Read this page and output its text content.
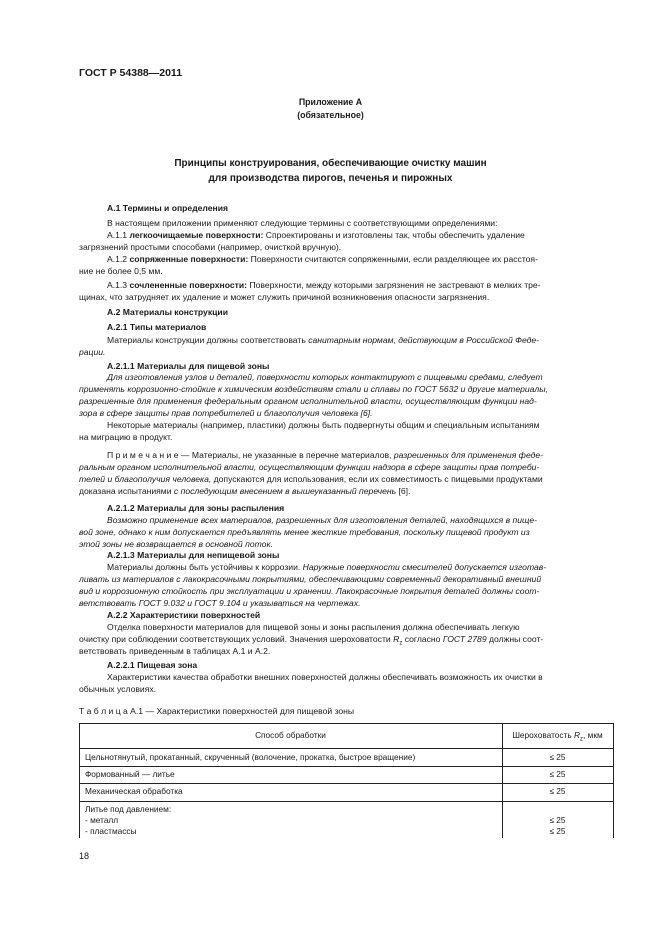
ГОСТ Р 54388—2011
Приложение А
(обязательное)
Принципы конструирования, обеспечивающие очистку машин
для производства пирогов, печенья и пирожных
А.1 Термины и определения
В настоящем приложении применяют следующие термины с соответствующими определениями:
А.1.1 легкоочищаемые поверхности: Спроектированы и изготовлены так, чтобы обеспечить удаление
загрязнений простыми способами (например, очисткой вручную).
А.1.2 сопряженные поверхности: Поверхности считаются сопряженными, если разделяющее их расстоя-
ние не более 0,5 мм.
А.1.3 сочлененные поверхности: Поверхности, между которыми загрязнения не застревают в мелких тре-
щинах, что затрудняет их удаление и может служить причиной возникновения опасности загрязнения.
А.2 Материалы конструкции
А.2.1 Типы материалов
Материалы конструкции должны соответствовать санитарным нормам, действующим в Российской Феде-
рации.
А.2.1.1 Материалы для пищевой зоны
Для изготовления узлов и деталей, поверхности которых контактируют с пищевыми средами, следует
применять коррозионно-стойкие к химическим воздействиям стали и сплавы по ГОСТ 5632 и другие материалы,
разрешенные для применения федеральным органом исполнительной власти, осуществляющим функции над-
зора в сфере защиты прав потребителей и благополучия человека [6].
Некоторые материалы (например, пластики) должны быть подвергнуты общим и специальным испытаниям
на миграцию в продукт.
П р и м е ч а н и е — Материалы, не указанные в перечне материалов, разрешенных для применения феде-
ральным органом исполнительной власти, осуществляющим функции надзора в сфере защиты прав потреби-
телей и благополучия человека, допускаются для использования, если их совместимость с пищевыми продуктами
доказана испытаниями с последующим внесением в вышеуказанный перечень [6].
А.2.1.2 Материалы для зоны распыления
Возможно применение всех материалов, разрешенных для изготовления деталей, находящихся в пище-
вой зоне, однако к ним допускается предъявлять менее жесткие требования, поскольку пищевой продукт из
этой зоны не возвращается в основной поток.
А.2.1.3 Материалы для непищевой зоны
Материалы должны быть устойчивы к коррозии. Наружные поверхности смесителей допускается изготав-
ливать из материалов с лакокрасочными покрытиями, обеспечивающими современный декоративный внешний
вид и коррозионную стойкость при эксплуатации и хранении. Лакокрасочные покрытия деталей должны соот-
ветствовать ГОСТ 9.032 и ГОСТ 9.104 и указываться на чертежах.
А.2.2 Характеристики поверхностей
Отделка поверхности материалов для пищевой зоны и зоны распыления должна обеспечивать легкую
очистку при соблюдении соответствующих условий. Значения шероховатости $R_z$ согласно ГОСТ 2789 должны соот-
ветствовать приведенным в таблицах А.1 и А.2.
А.2.2.1 Пищевая зона
Характеристики качества обработки внешних поверхностей должны обеспечивать возможность их очистки в
обычных условиях.
Т а б л и ц а А.1 — Характеристики поверхностей для пищевой зоны
Способ обработки	Шероховатость $R_z$, мкм
Цельнотянутый, прокатанный, скрученный (волочение, прокатка, быстрое вращение)	≤ 25
Формованный — литье	≤ 25
Механическая обработка	≤ 25
Литье под давлением:
- металл	≤ 25
- пластмассы	≤ 25
18
